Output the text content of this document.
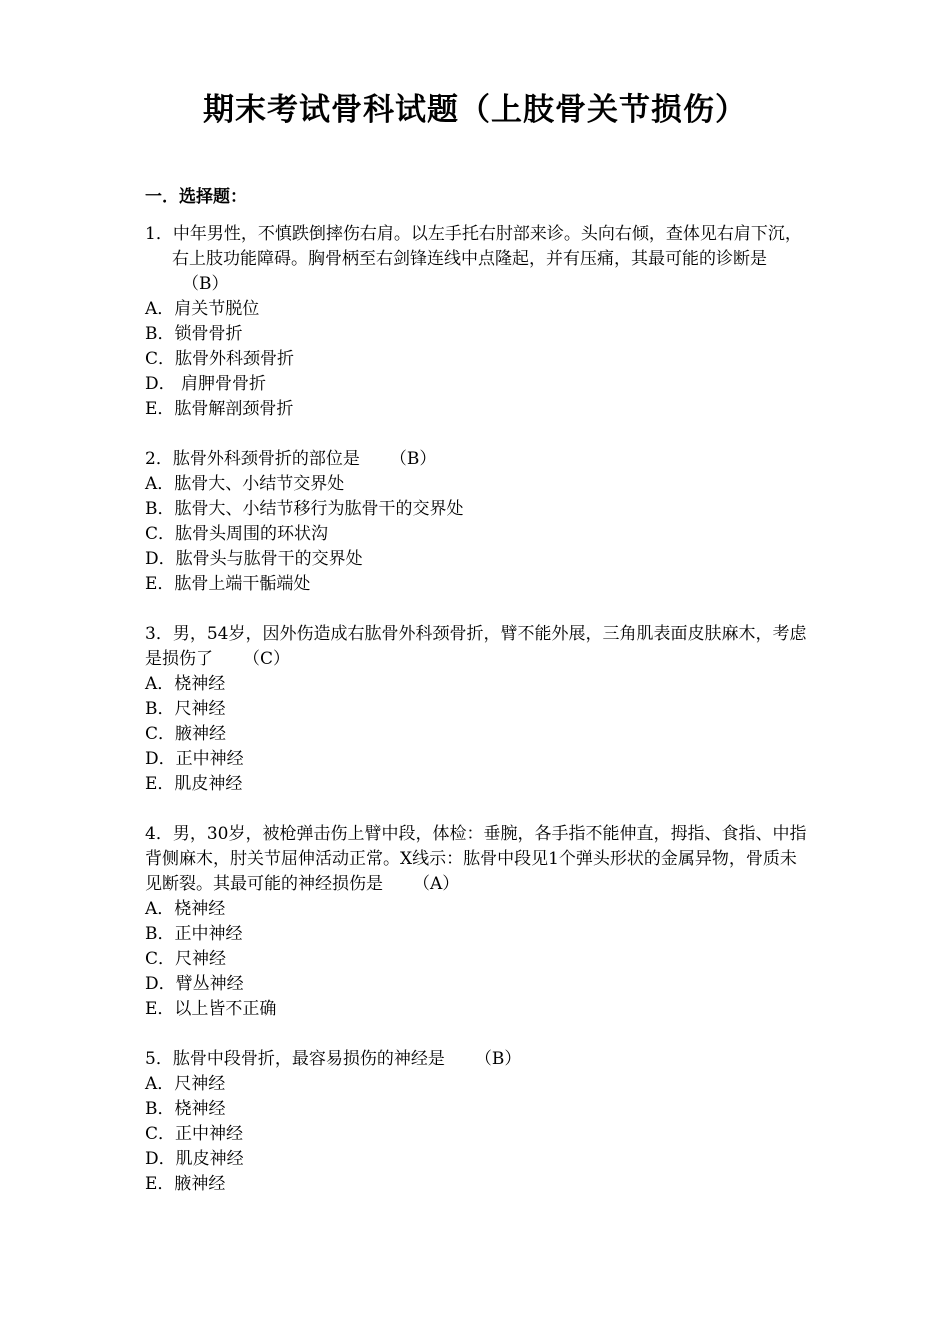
期末考试骨科试题（上肢骨关节损伤）
一．选择题：
1．中年男性，不慎跌倒摔伤右肩。以左手托右肘部来诊。头向右倾，查体见右肩下沉，右上肢功能障碍。胸骨柄至右剑锋连线中点隆起，并有压痛，其最可能的诊断是（B）
A．肩关节脱位
B．锁骨骨折
C．肱骨外科颈骨折
D． 肩胛骨骨折
E．肱骨解剖颈骨折
2．肱骨外科颈骨折的部位是 （B）
A．肱骨大、小结节交界处
B．肱骨大、小结节移行为肱骨干的交界处
C．肱骨头周围的环状沟
D．肱骨头与肱骨干的交界处
E．肱骨上端干骺端处
3．男，54岁，因外伤造成右肱骨外科颈骨折，臂不能外展，三角肌表面皮肤麻木，考虑是损伤了 （C）
A．桡神经
B．尺神经
C．腋神经
D．正中神经
E．肌皮神经
4．男，30岁，被枪弹击伤上臂中段，体检：垂腕，各手指不能伸直，拇指、食指、中指背侧麻木，肘关节屈伸活动正常。X线示：肱骨中段见1个弹头形状的金属异物，骨质未见断裂。其最可能的神经损伤是 （A）
A．桡神经
B．正中神经
C．尺神经
D．臂丛神经
E．以上皆不正确
5．肱骨中段骨折，最容易损伤的神经是 （B）
A．尺神经
B．桡神经
C．正中神经
D．肌皮神经
E．腋神经
